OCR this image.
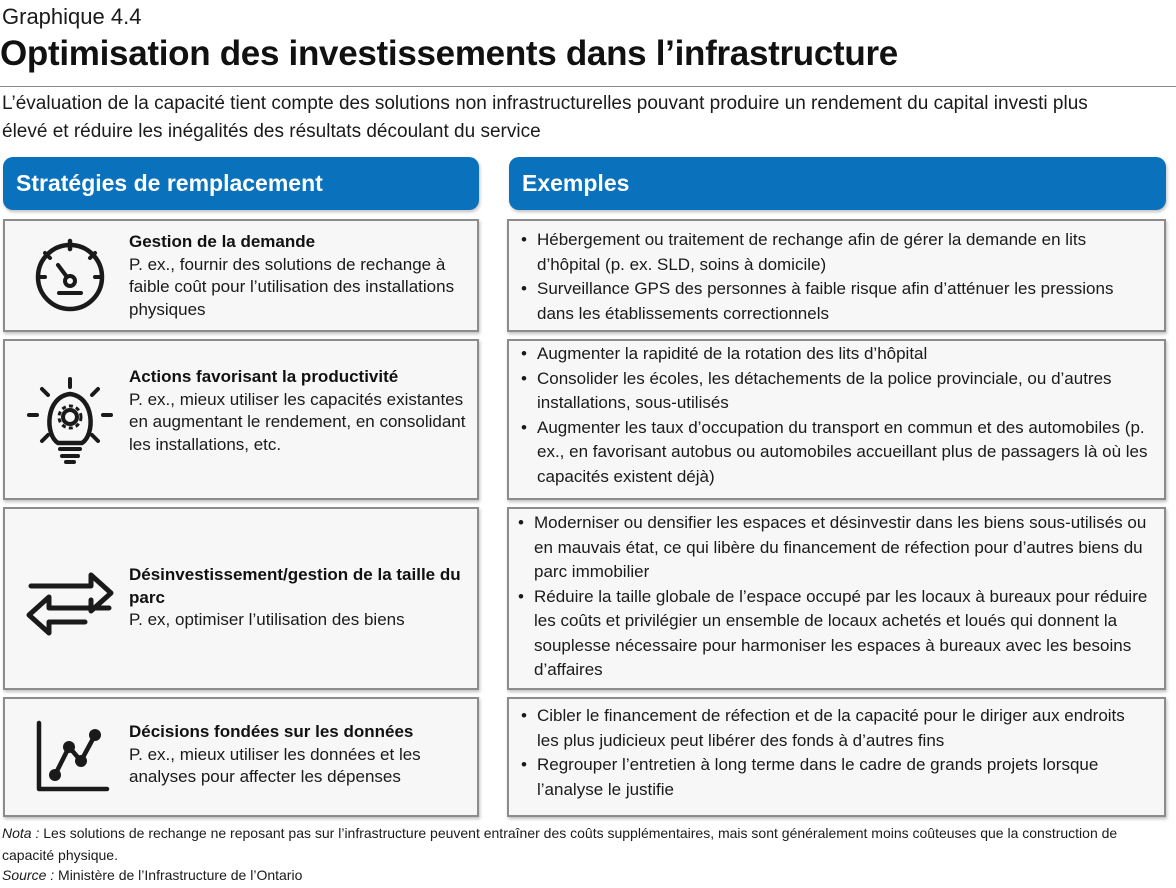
Graphique 4.4
Optimisation des investissements dans l’infrastructure
L’évaluation de la capacité tient compte des solutions non infrastructurelles pouvant produire un rendement du capital investi plus élevé et réduire les inégalités des résultats découlant du service
Stratégies de remplacement	Exemples
Gestion de la demande
P. ex., fournir des solutions de rechange à faible coût pour l’utilisation des installations physiques
• Hébergement ou traitement de rechange afin de gérer la demande en lits d’hôpital (p. ex. SLD, soins à domicile)
• Surveillance GPS des personnes à faible risque afin d’atténuer les pressions dans les établissements correctionnels
Actions favorisant la productivité
P. ex., mieux utiliser les capacités existantes en augmentant le rendement, en consolidant les installations, etc.
• Augmenter la rapidité de la rotation des lits d’hôpital
• Consolider les écoles, les détachements de la police provinciale, ou d’autres installations, sous-utilisés
• Augmenter les taux d’occupation du transport en commun et des automobiles (p. ex., en favorisant autobus ou automobiles accueillant plus de passagers là où les capacités existent déjà)
Désinvestissement/gestion de la taille du parc
P. ex, optimiser l’utilisation des biens
• Moderniser ou densifier les espaces et désinvestir dans les biens sous-utilisés ou en mauvais état, ce qui libère du financement de réfection pour d’autres biens du parc immobilier
• Réduire la taille globale de l’espace occupé par les locaux à bureaux pour réduire les coûts et privilégier un ensemble de locaux achetés et loués qui donnent la souplesse nécessaire pour harmoniser les espaces à bureaux avec les besoins d’affaires
Décisions fondées sur les données
P. ex., mieux utiliser les données et les analyses pour affecter les dépenses
• Cibler le financement de réfection et de la capacité pour le diriger aux endroits les plus judicieux peut libérer des fonds à d’autres fins
• Regrouper l’entretien à long terme dans le cadre de grands projets lorsque l’analyse le justifie
Nota : Les solutions de rechange ne reposant pas sur l’infrastructure peuvent entraîner des coûts supplémentaires, mais sont généralement moins coûteuses que la construction de capacité physique.
Source : Ministère de l’Infrastructure de l’Ontario
